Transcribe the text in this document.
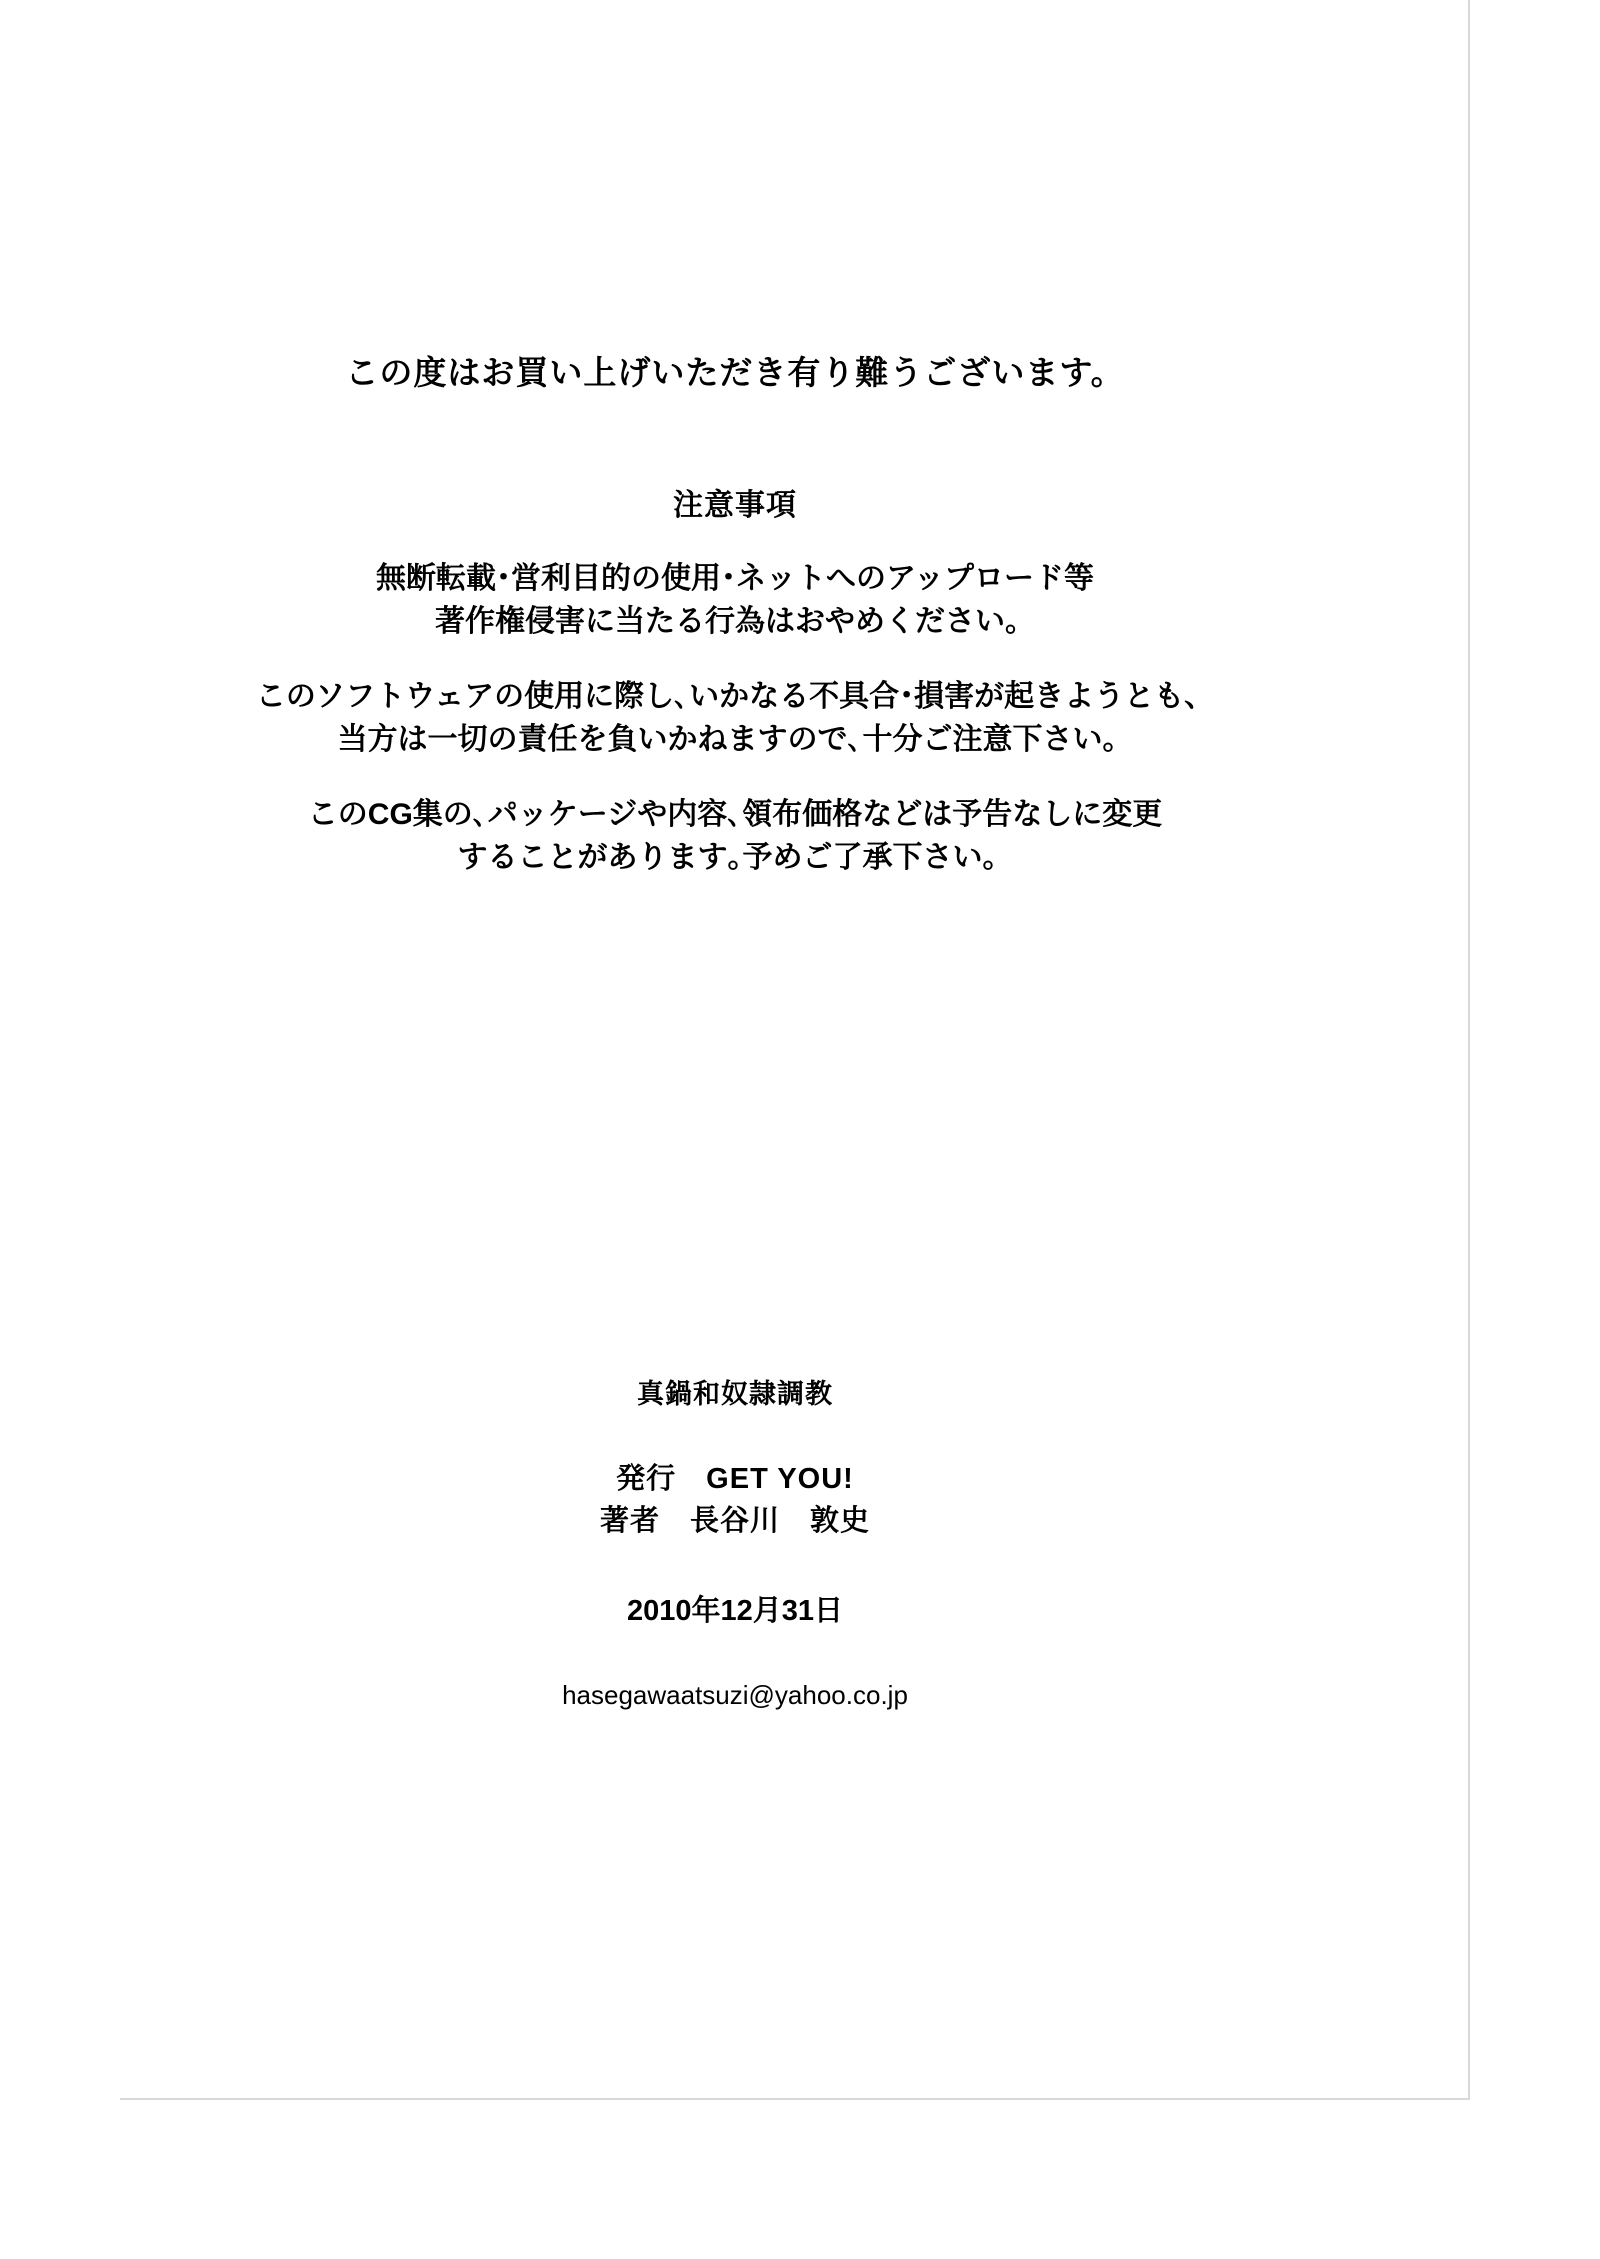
この度はお買い上げいただき有り難うございます。
注意事項
無断転載･営利目的の使用･ネットへのアップロード等
著作権侵害に当たる行為はおやめください。
このソフトウェアの使用に際し､いかなる不具合･損害が起きようとも、
当方は一切の責任を負いかねますので､十分ご注意下さい。
このCG集の､パッケージや内容､領布価格などは予告なしに変更
することがあります｡予めご了承下さい。
真鍋和奴隷調教
発行　GET YOU!
著者　長谷川　敦史
2010年12月31日
hasegawaatsuzi@yahoo.co.jp
